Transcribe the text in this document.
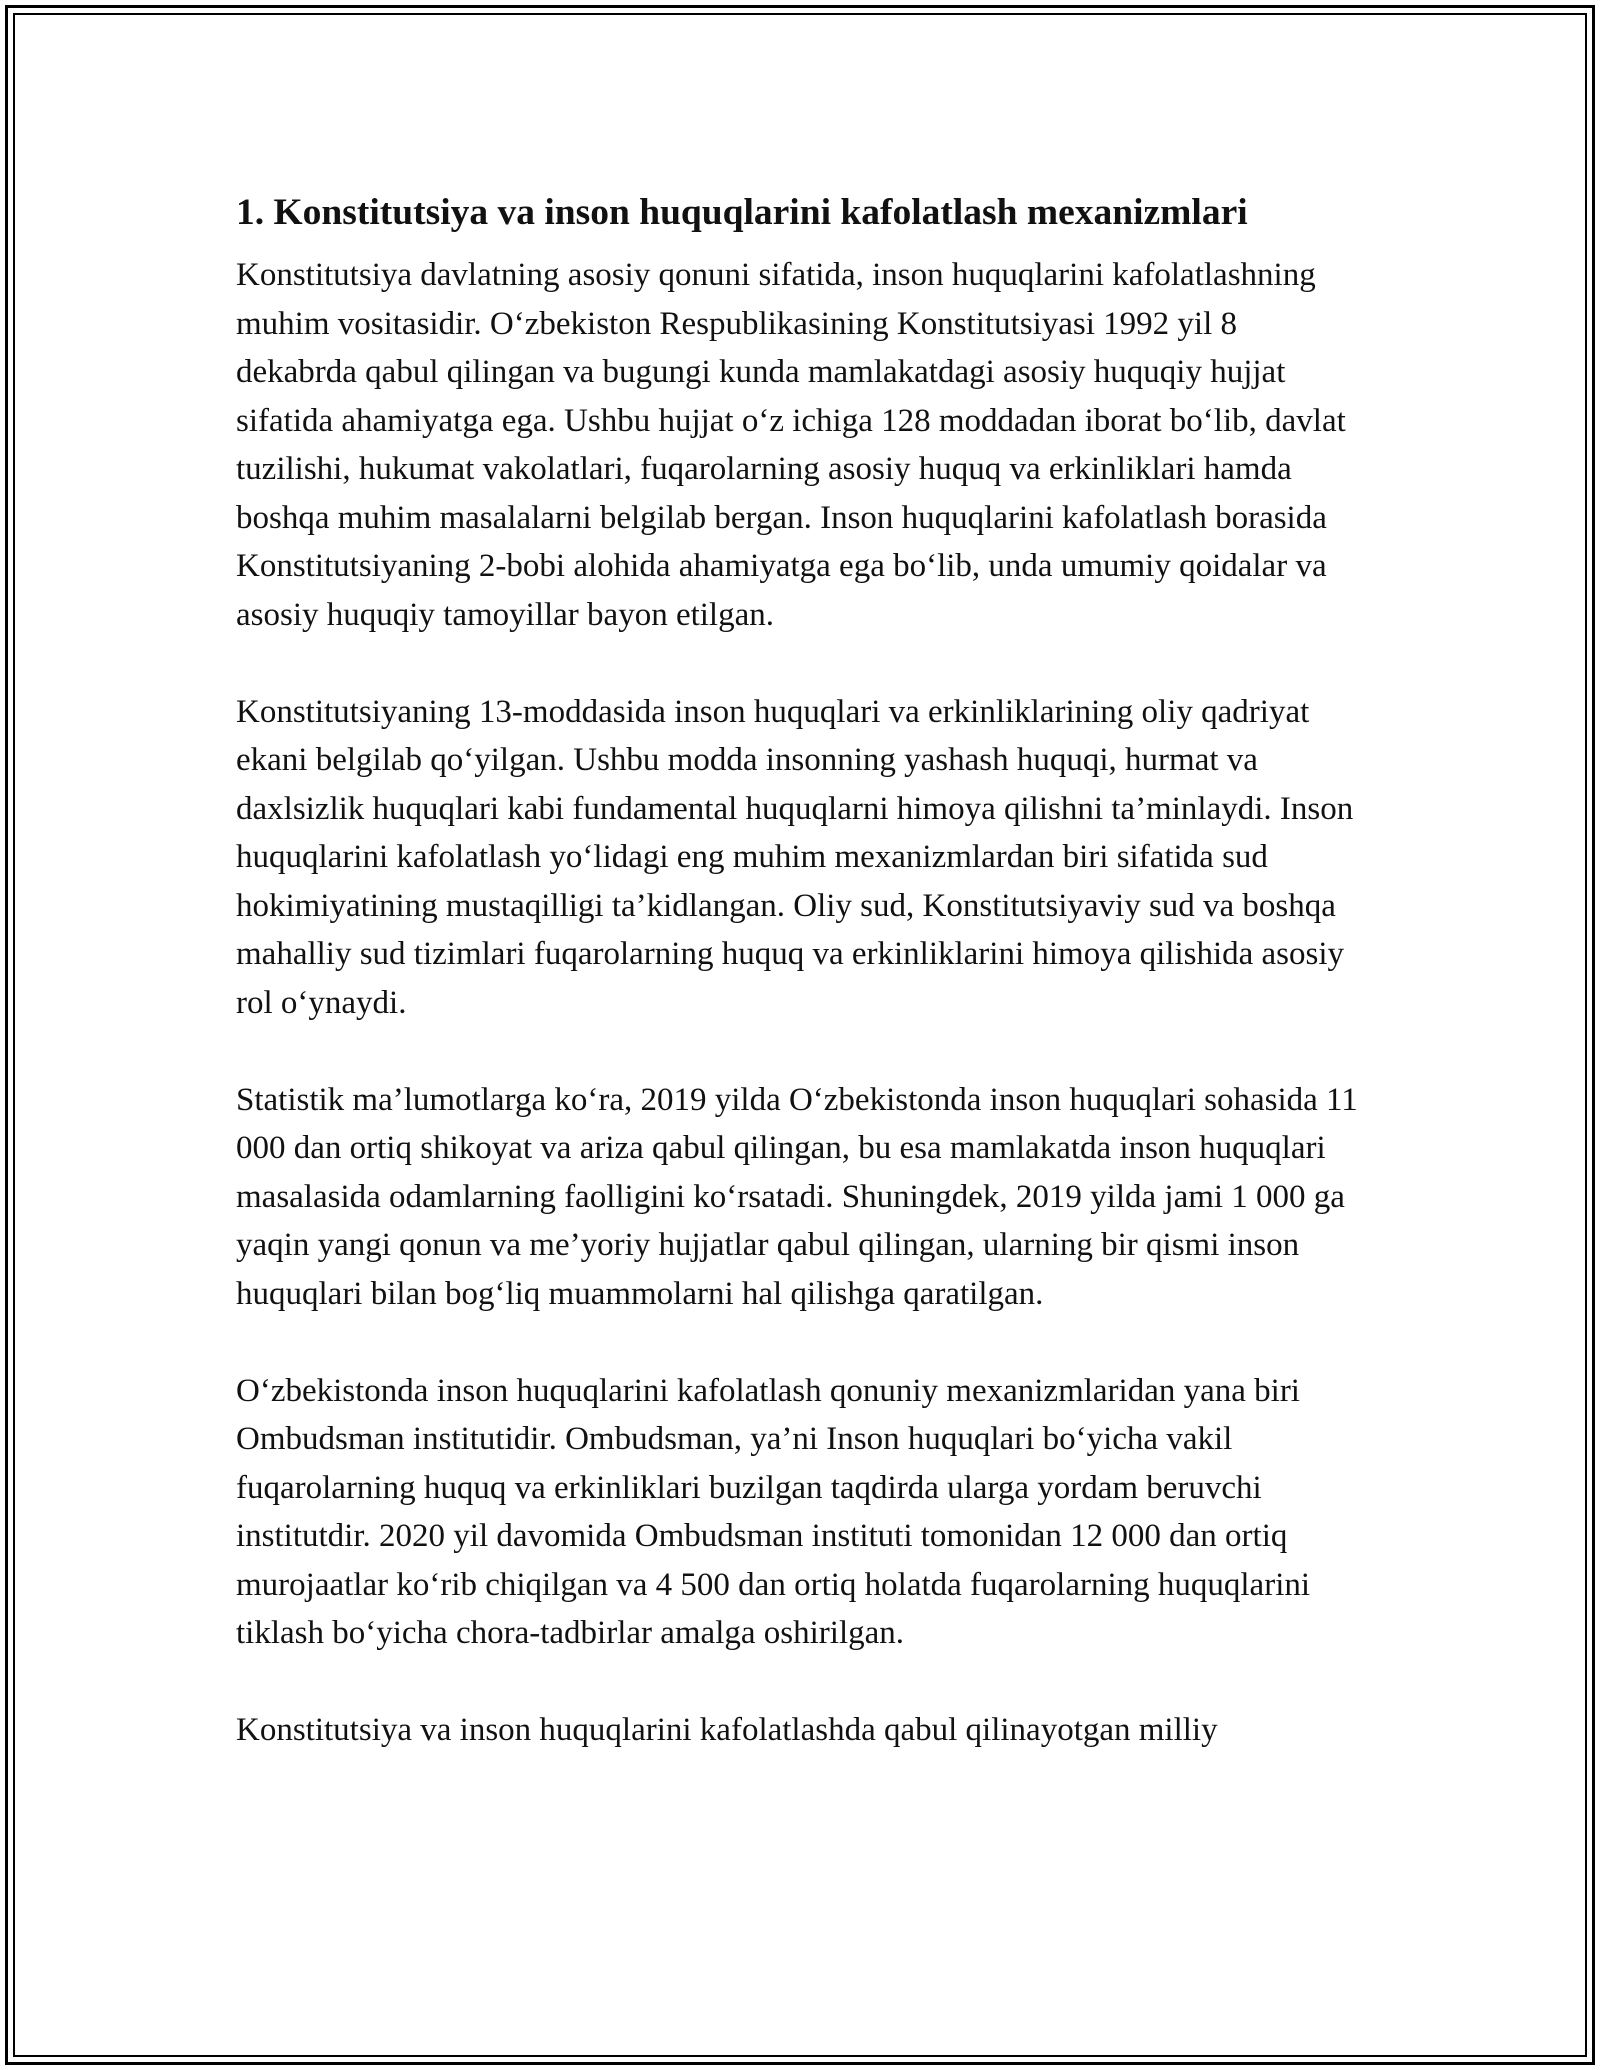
1. Konstitutsiya va inson huquqlarini kafolatlash mexanizmlari

Konstitutsiya davlatning asosiy qonuni sifatida, inson huquqlarini kafolatlashning muhim vositasidir. O‘zbekiston Respublikasining Konstitutsiyasi 1992 yil 8 dekabrda qabul qilingan va bugungi kunda mamlakatdagi asosiy huquqiy hujjat sifatida ahamiyatga ega. Ushbu hujjat o‘z ichiga 128 moddadan iborat bo‘lib, davlat tuzilishi, hukumat vakolatlari, fuqarolarning asosiy huquq va erkinliklari hamda boshqa muhim masalalarni belgilab bergan. Inson huquqlarini kafolatlash borasida Konstitutsiyaning 2-bobi alohida ahamiyatga ega bo‘lib, unda umumiy qoidalar va asosiy huquqiy tamoyillar bayon etilgan.

Konstitutsiyaning 13-moddasida inson huquqlari va erkinliklarining oliy qadriyat ekani belgilab qo‘yilgan. Ushbu modda insonning yashash huquqi, hurmat va daxlsizlik huquqlari kabi fundamental huquqlarni himoya qilishni ta’minlaydi. Inson huquqlarini kafolatlash yo‘lidagi eng muhim mexanizmlardan biri sifatida sud hokimiyatining mustaqilligi ta’kidlangan. Oliy sud, Konstitutsiyaviy sud va boshqa mahalliy sud tizimlari fuqarolarning huquq va erkinliklarini himoya qilishida asosiy rol o‘ynaydi.

Statistik ma’lumotlarga ko‘ra, 2019 yilda O‘zbekistonda inson huquqlari sohasida 11 000 dan ortiq shikoyat va ariza qabul qilingan, bu esa mamlakatda inson huquqlari masalasida odamlarning faolligini ko‘rsatadi. Shuningdek, 2019 yilda jami 1 000 ga yaqin yangi qonun va me’yoriy hujjatlar qabul qilingan, ularning bir qismi inson huquqlari bilan bog‘liq muammolarni hal qilishga qaratilgan.

O‘zbekistonda inson huquqlarini kafolatlash qonuniy mexanizmlaridan yana biri Ombudsman institutidir. Ombudsman, ya’ni Inson huquqlari bo‘yicha vakil fuqarolarning huquq va erkinliklari buzilgan taqdirda ularga yordam beruvchi institutdir. 2020 yil davomida Ombudsman instituti tomonidan 12 000 dan ortiq murojaatlar ko‘rib chiqilgan va 4 500 dan ortiq holatda fuqarolarning huquqlarini tiklash bo‘yicha chora-tadbirlar amalga oshirilgan.

Konstitutsiya va inson huquqlarini kafolatlashda qabul qilinayotgan milliy
